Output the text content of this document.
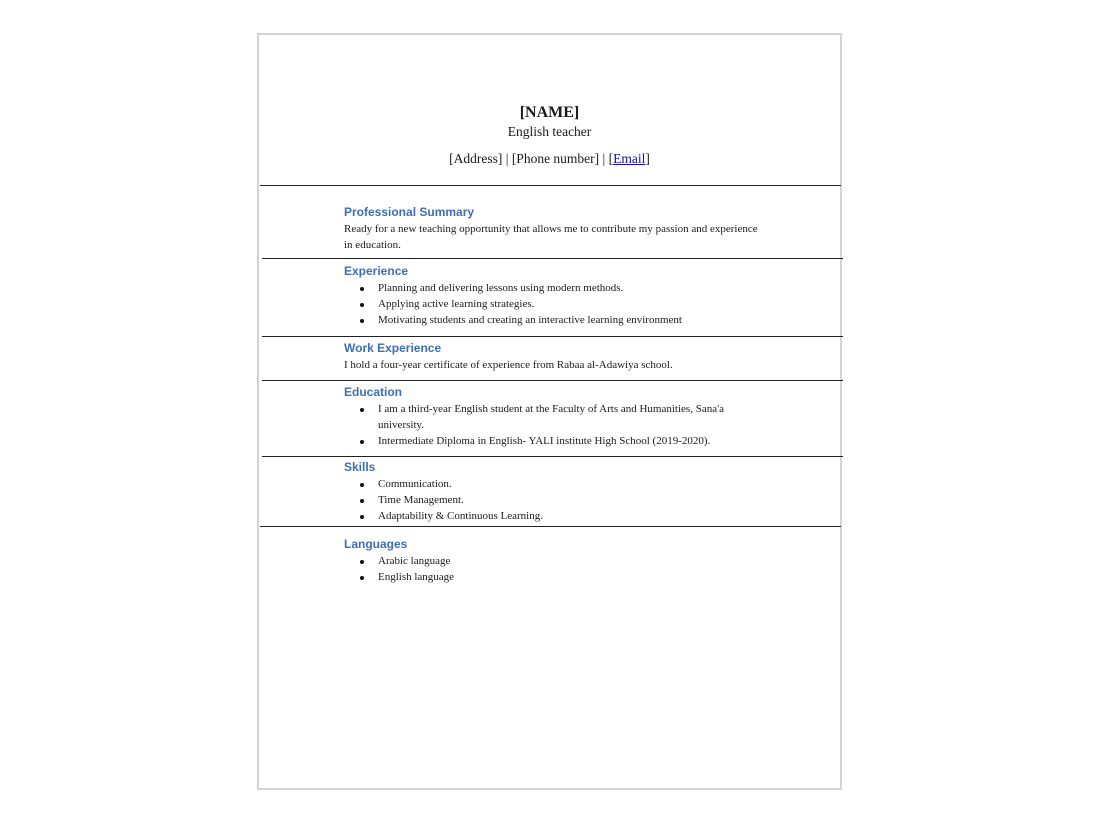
[NAME]

English teacher

[Address] | [Phone number] | [Email]

Professional Summary

Ready for a new teaching opportunity that allows me to contribute my passion and experience in education.

Experience

Planning and delivering lessons using modern methods.
Applying active learning strategies.
Motivating students and creating an interactive learning environment

Work Experience

I hold a four-year certificate of experience from Rabaa al-Adawiya school.

Education

I am a third-year English student at the Faculty of Arts and Humanities, Sana'a university.
Intermediate Diploma in English- YALI institute High School (2019-2020).

Skills

Communication.
Time Management.
Adaptability & Continuous Learning.

Languages

Arabic language
English language
